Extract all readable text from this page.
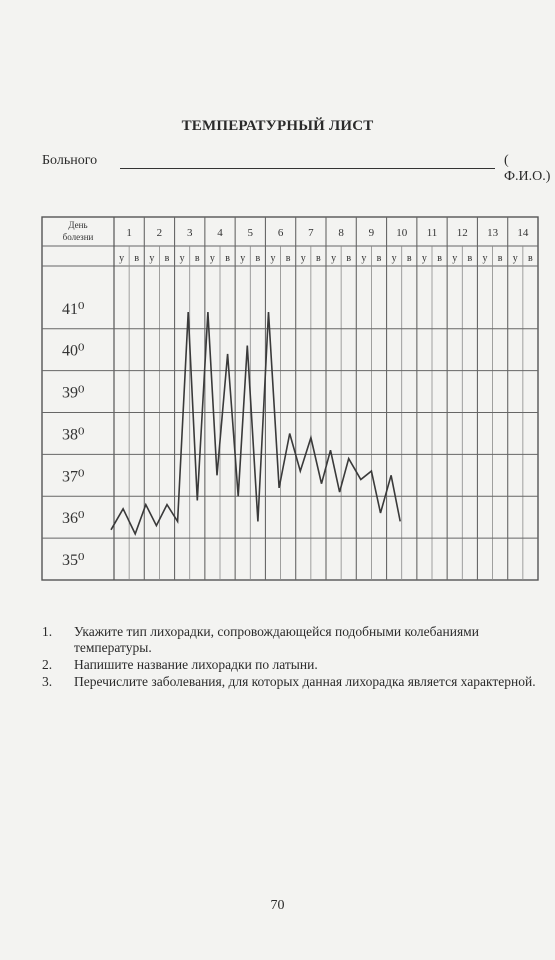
ТЕМПЕРАТУРНЫЙ ЛИСТ
Больного	( Ф.И.О.)
1
у в
2
у в
3
у в
4
у в
5
у в
6
у в
7
у в
8
у в
9
у в
10
у в
11
у в
12
у в
13
у в
14
у в
День
болезни
41⁰
40⁰
39⁰
38⁰
37⁰
36⁰
35⁰
1. Укажите тип лихорадки, сопровождающейся подобными колебаниями температуры.
2. Напишите название лихорадки по латыни.
3. Перечислите заболевания, для которых данная лихорадка является характерной.
70
